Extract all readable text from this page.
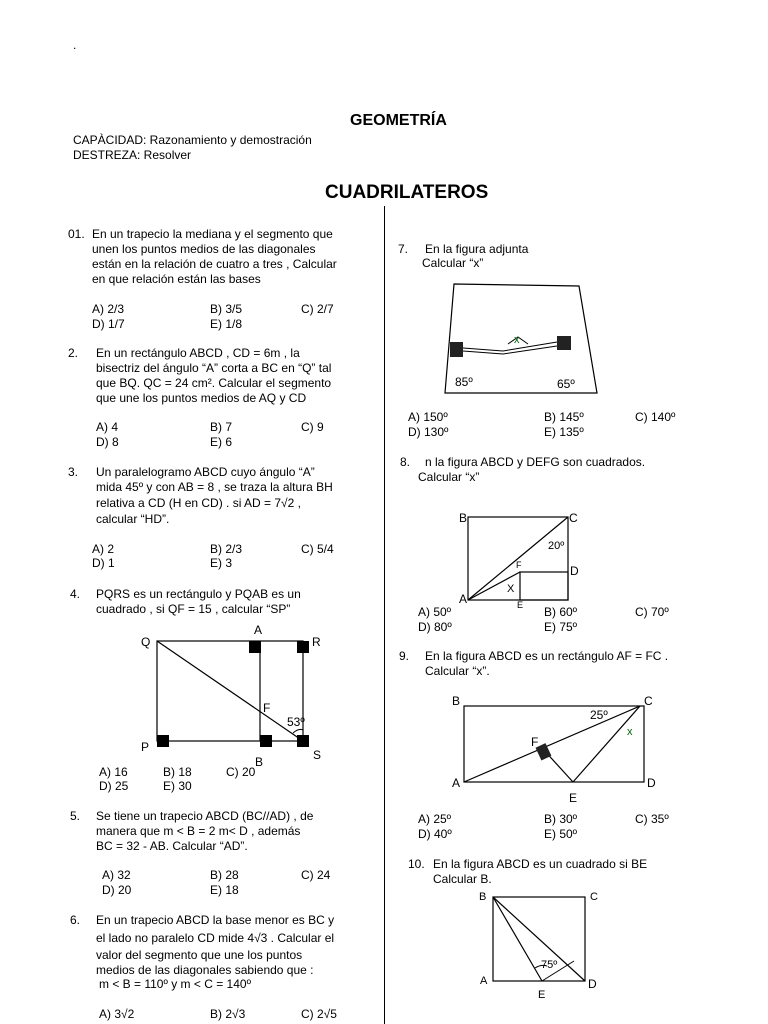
.
GEOMETRÍA
CAPÀCIDAD: Razonamiento y demostración
DESTREZA: Resolver
CUADRILATEROS
01. En un trapecio la mediana y el segmento que
unen los puntos medios de las diagonales
están en la relación de cuatro a tres , Calcular
en que relación están las bases
A) 2/3	B) 3/5	C) 2/7
D) 1/7	E) 1/8
2. En un rectángulo ABCD , CD = 6m , la
bisectriz del ángulo “A” corta a BC en “Q” tal
que BQ. QC = 24 cm². Calcular el segmento
que une los puntos medios de AQ y CD
A) 4	B) 7	C) 9
D) 8	E) 6
3. Un paralelogramo ABCD cuyo ángulo “A”
mida 45º y con AB = 8 , se traza la altura BH
relativa a CD (H en CD) . si AD = 7√2 ,
calcular “HD”.
A) 2	B) 2/3	C) 5/4
D) 1	E) 3
4. PQRS es un rectángulo y PQAB es un
cuadrado , si QF = 15 , calcular “SP”
Q
A
R
F
53º
P
B	S
A) 16	B) 18	C) 20
D) 25	E) 30
5. Se tiene un trapecio ABCD (BC//AD) , de
manera que m < B = 2 m< D , además
BC = 32 - AB. Calcular “AD”.
A) 32	B) 28	C) 24
D) 20	E) 18
6. En un trapecio ABCD la base menor es BC y
el lado no paralelo CD mide 4√3 . Calcular el
valor del segmento que une los puntos
medios de las diagonales sabiendo que :
m < B = 110º y m < C = 140º
A) 3√2	B) 2√3	C) 2√5
7. En la figura adjunta
Calcular “x”
x
85º	65º
A) 150º	B) 145º	C) 140º
D) 130º	E) 135º
8. n la figura ABCD y DEFG son cuadrados.
Calcular “x”
B	C
20º
F	D
X
A	E
A) 50º	B) 60º	C) 70º
D) 80º	E) 75º
9. En la figura ABCD es un rectángulo AF = FC .
Calcular “x”.
B	C
25º
x
F
A	D
E
A) 25º	B) 30º	C) 35º
D) 40º	E) 50º
10. En la figura ABCD es un cuadrado si BE
Calcular B.
B	C
75º
A	D
E
